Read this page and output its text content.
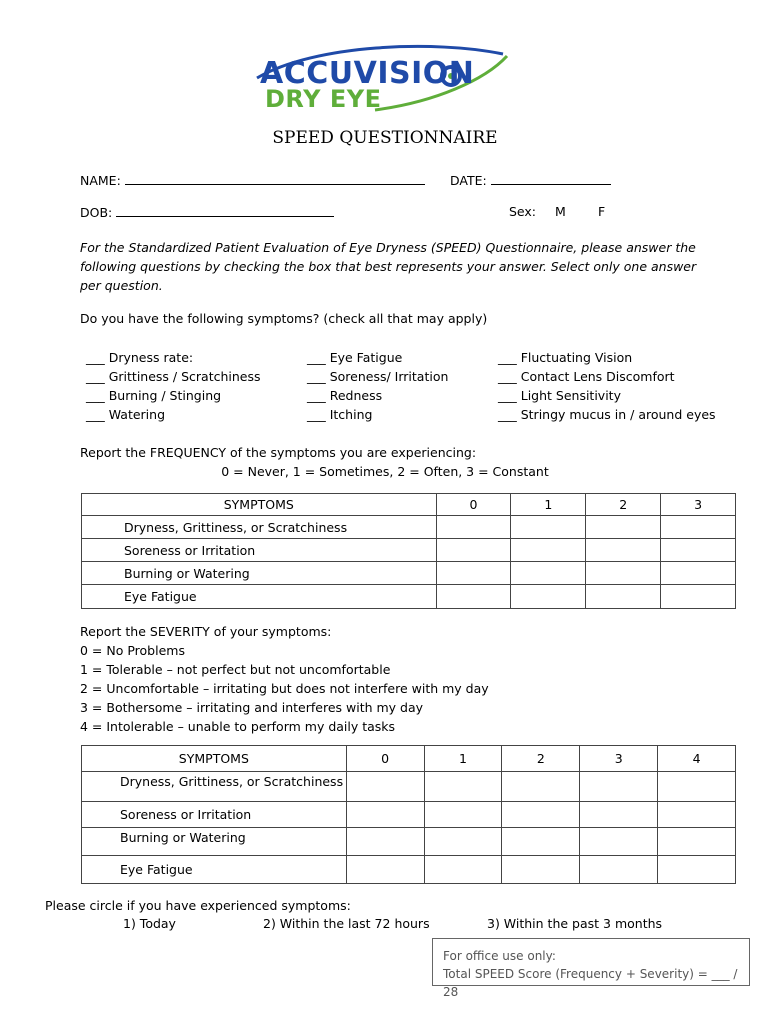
ACCUVISION
DRY EYE
SPEED QUESTIONNAIRE
NAME:	DATE:
DOB:	Sex: M	F
For the Standardized Patient Evaluation of Eye Dryness (SPEED) Questionnaire, please answer the following questions by checking the box that best represents your answer. Select only one answer per question.
Do you have the following symptoms? (check all that may apply)
___ Dryness rate:
___ Grittiness / Scratchiness
___ Burning / Stinging
___ Watering
___ Eye Fatigue
___ Soreness/ Irritation
___ Redness
___ Itching
___ Fluctuating Vision
___ Contact Lens Discomfort
___ Light Sensitivity
___ Stringy mucus in / around eyes
Report the FREQUENCY of the symptoms you are experiencing:
0 = Never, 1 = Sometimes, 2 = Often, 3 = Constant
SYMPTOMS	0	1	2	3
Dryness, Grittiness, or Scratchiness				
Soreness or Irritation				
Burning or Watering				
Eye Fatigue				
Report the SEVERITY of your symptoms:
0 = No Problems
1 = Tolerable – not perfect but not uncomfortable
2 = Uncomfortable – irritating but does not interfere with my day
3 = Bothersome – irritating and interferes with my day
4 = Intolerable – unable to perform my daily tasks
SYMPTOMS	0	1	2	3	4
Dryness, Grittiness, or Scratchiness					
Soreness or Irritation					
Burning or Watering					
Eye Fatigue					
Please circle if you have experienced symptoms:
1) Today	2) Within the last 72 hours	3) Within the past 3 months
For office use only:
Total SPEED Score (Frequency + Severity) = ___ / 28
